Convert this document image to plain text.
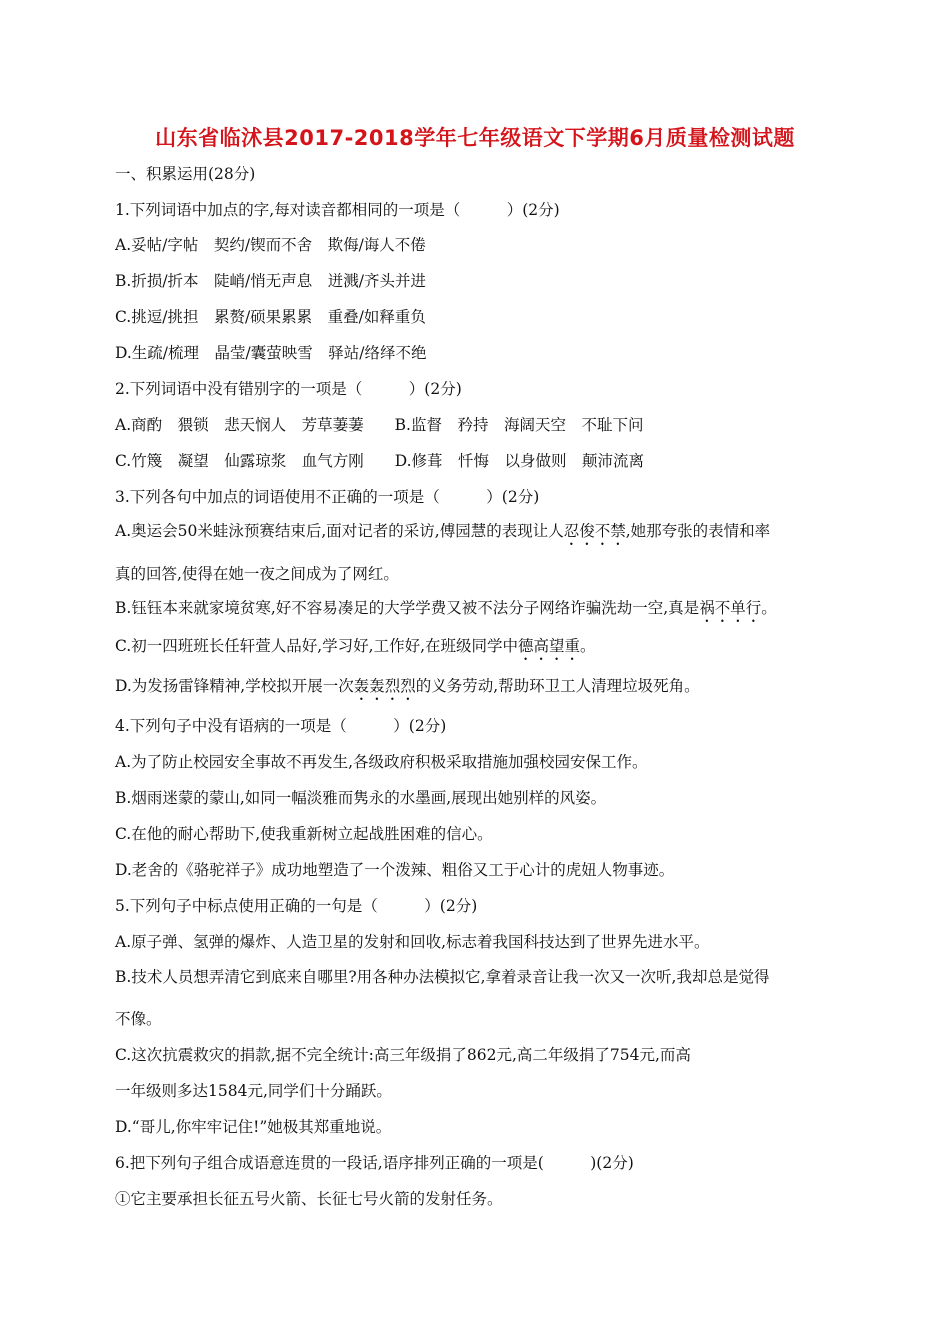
山东省临沭县2017-2018学年七年级语文下学期6月质量检测试题
一、积累运用(28分)
1.下列词语中加点的字,每对读音都相同的一项是（　　　）(2分)
A.妥帖/字帖　契约/锲而不舍　欺侮/诲人不倦
B.折损/折本　陡峭/悄无声息　迸溅/齐头并进
C.挑逗/挑担　累赘/硕果累累　重叠/如释重负
D.生疏/梳理　晶莹/囊萤映雪　驿站/络绎不绝
2.下列词语中没有错别字的一项是（　　　）(2分)
A.商酌　猥锁　悲天悯人　芳草萋萋　　B.监督　矜持　海阔天空　不耻下问
C.竹篾　凝望　仙露琼浆　血气方刚　　D.修葺　忏悔　以身做则　颠沛流离
3.下列各句中加点的词语使用不正确的一项是（　　　）(2分)
A.奥运会50米蛙泳预赛结束后,面对记者的采访,傅园慧的表现让人忍俊不禁,她那夸张的表情和率
真的回答,使得在她一夜之间成为了网红。
B.钰钰本来就家境贫寒,好不容易凑足的大学学费又被不法分子网络诈骗洗劫一空,真是祸不单行。
C.初一四班班长任轩萱人品好,学习好,工作好,在班级同学中德高望重。
D.为发扬雷锋精神,学校拟开展一次轰轰烈烈的义务劳动,帮助环卫工人清理垃圾死角。
4.下列句子中没有语病的一项是（　　　）(2分)
A.为了防止校园安全事故不再发生,各级政府积极采取措施加强校园安保工作。
B.烟雨迷蒙的蒙山,如同一幅淡雅而隽永的水墨画,展现出她别样的风姿。
C.在他的耐心帮助下,使我重新树立起战胜困难的信心。
D.老舍的《骆驼祥子》成功地塑造了一个泼辣、粗俗又工于心计的虎妞人物事迹。
5.下列句子中标点使用正确的一句是（　　　）(2分)
A.原子弹、氢弹的爆炸、人造卫星的发射和回收,标志着我国科技达到了世界先进水平。
B.技术人员想弄清它到底来自哪里?用各种办法模拟它,拿着录音让我一次又一次听,我却总是觉得
不像。
C.这次抗震救灾的捐款,据不完全统计:高三年级捐了862元,高二年级捐了754元,而高
一年级则多达1584元,同学们十分踊跃。
D.“哥儿,你牢牢记住!”她极其郑重地说。
6.把下列句子组合成语意连贯的一段话,语序排列正确的一项是(　　　)(2分)
①它主要承担长征五号火箭、长征七号火箭的发射任务。
